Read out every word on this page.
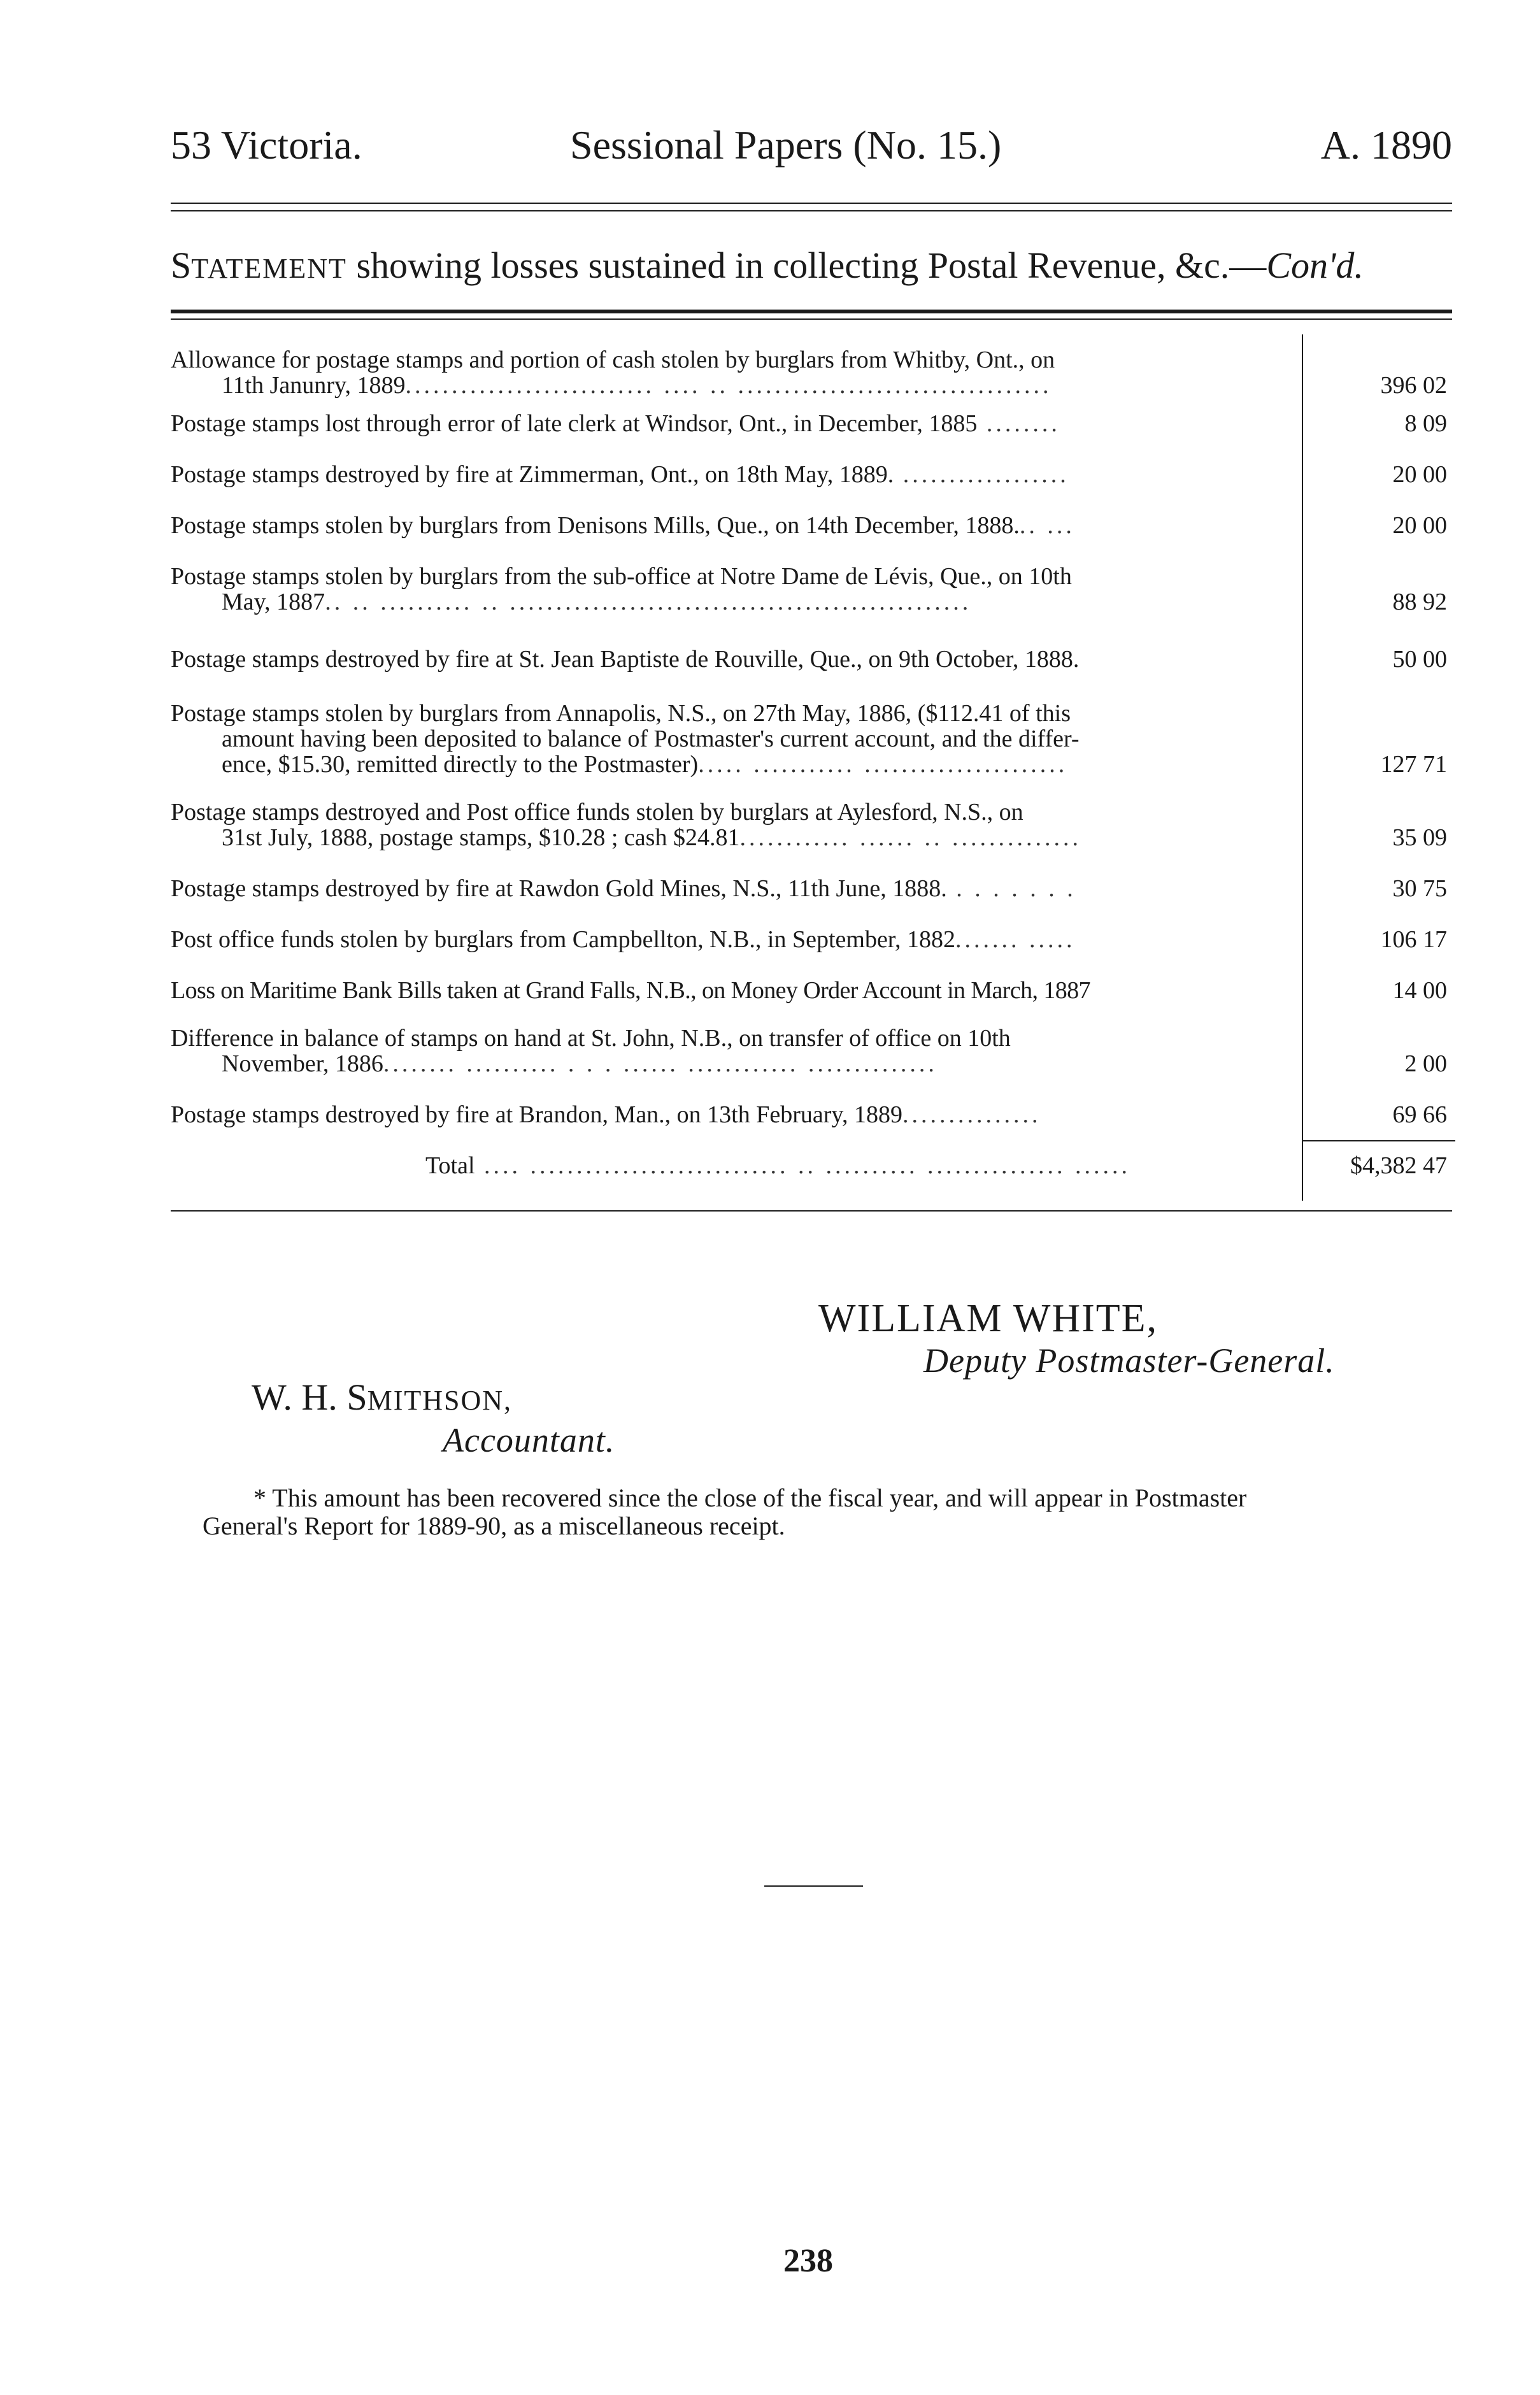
53 Victoria.	Sessional Papers (No. 15.)	A. 1890
STATEMENT showing losses sustained in collecting Postal Revenue, &c.—Con'd.
Allowance for postage stamps and portion of cash stolen by burglars from Whitby, Ont., on
11th Janunry, 1889........................... .... .. ..................................	396 02
Postage stamps lost through error of late clerk at Windsor, Ont., in December, 1885 ........	8 09
Postage stamps destroyed by fire at Zimmerman, Ont., on 18th May, 1889. ..................	20 00
Postage stamps stolen by burglars from Denisons Mills, Que., on 14th December, 1888... ...	20 00
Postage stamps stolen by burglars from the sub-office at Notre Dame de Lévis, Que., on 10th
May, 1887.. .. .......... .. ..................................................	88 92
Postage stamps destroyed by fire at St. Jean Baptiste de Rouville, Que., on 9th October, 1888.	50 00
Postage stamps stolen by burglars from Annapolis, N.S., on 27th May, 1886, ($112.41 of this
amount having been deposited to balance of Postmaster's current account, and the differ-
ence, $15.30, remitted directly to the Postmaster)..... ........... ......................	127 71
Postage stamps destroyed and Post office funds stolen by burglars at Aylesford, N.S., on
31st July, 1888, postage stamps, $10.28 ; cash $24.81............ ...... .. ..............	35 09
Postage stamps destroyed by fire at Rawdon Gold Mines, N.S., 11th June, 1888. . . . . . . .	30 75
Post office funds stolen by burglars from Campbellton, N.B., in September, 1882....... .....	106 17
Loss on Maritime Bank Bills taken at Grand Falls, N.B., on Money Order Account in March, 1887	14 00
Difference in balance of stamps on hand at St. John, N.B., on transfer of office on 10th
November, 1886........ .......... . . . ...... ............ ..............	2 00
Postage stamps destroyed by fire at Brandon, Man., on 13th February, 1889...............	69 66
Total .... ............................ .. .......... ............... ......	$4,382 47
WILLIAM WHITE,
Deputy Postmaster-General.
W. H. SMITHSON,
Accountant.
* This amount has been recovered since the close of the fiscal year, and will appear in Postmaster
General's Report for 1889-90, as a miscellaneous receipt.
238
